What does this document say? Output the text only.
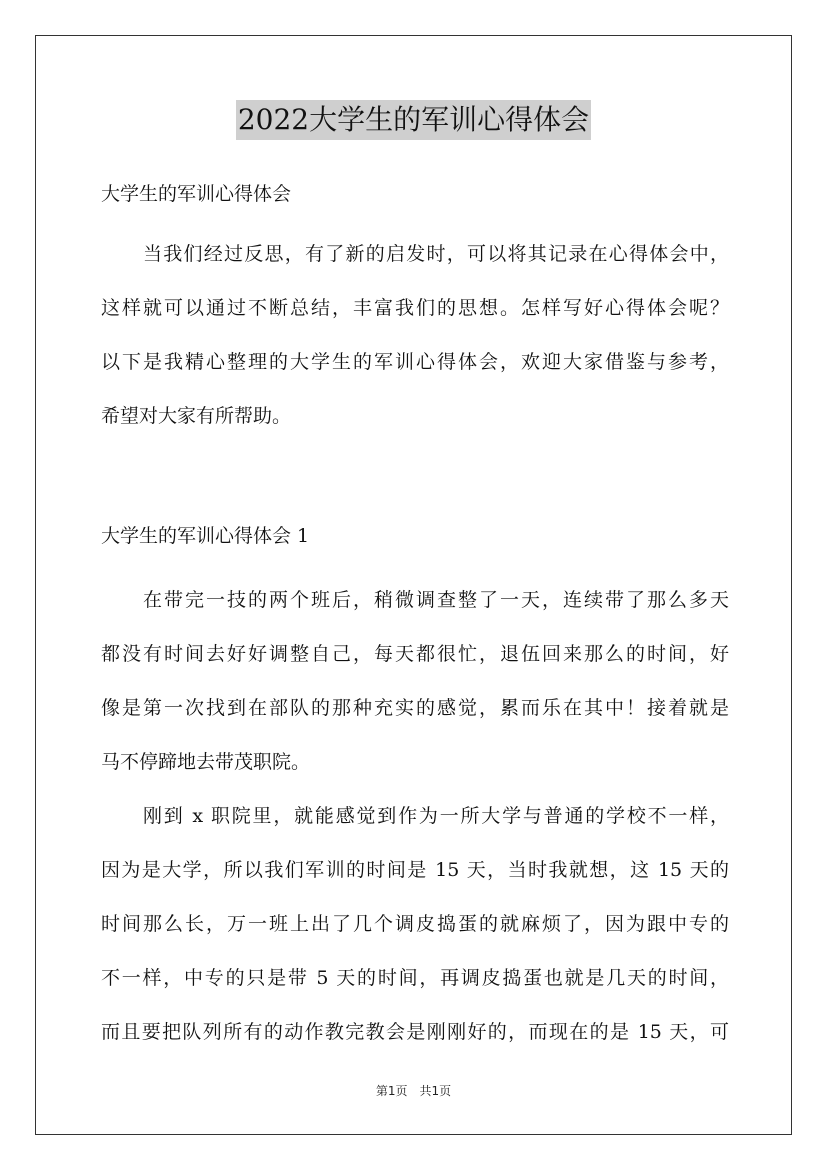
2022大学生的军训心得体会
大学生的军训心得体会
当我们经过反思，有了新的启发时，可以将其记录在心得体会中，
这样就可以通过不断总结，丰富我们的思想。怎样写好心得体会呢？
以下是我精心整理的大学生的军训心得体会，欢迎大家借鉴与参考，
希望对大家有所帮助。
大学生的军训心得体会 1
在带完一技的两个班后，稍微调查整了一天，连续带了那么多天
都没有时间去好好调整自己，每天都很忙，退伍回来那么的时间，好
像是第一次找到在部队的那种充实的感觉，累而乐在其中！接着就是
马不停蹄地去带茂职院。
刚到 x 职院里，就能感觉到作为一所大学与普通的学校不一样，
因为是大学，所以我们军训的时间是 15 天，当时我就想，这 15 天的
时间那么长，万一班上出了几个调皮捣蛋的就麻烦了，因为跟中专的
不一样，中专的只是带 5 天的时间，再调皮捣蛋也就是几天的时间，
而且要把队列所有的动作教完教会是刚刚好的，而现在的是 15 天，可
第1页　共1页
